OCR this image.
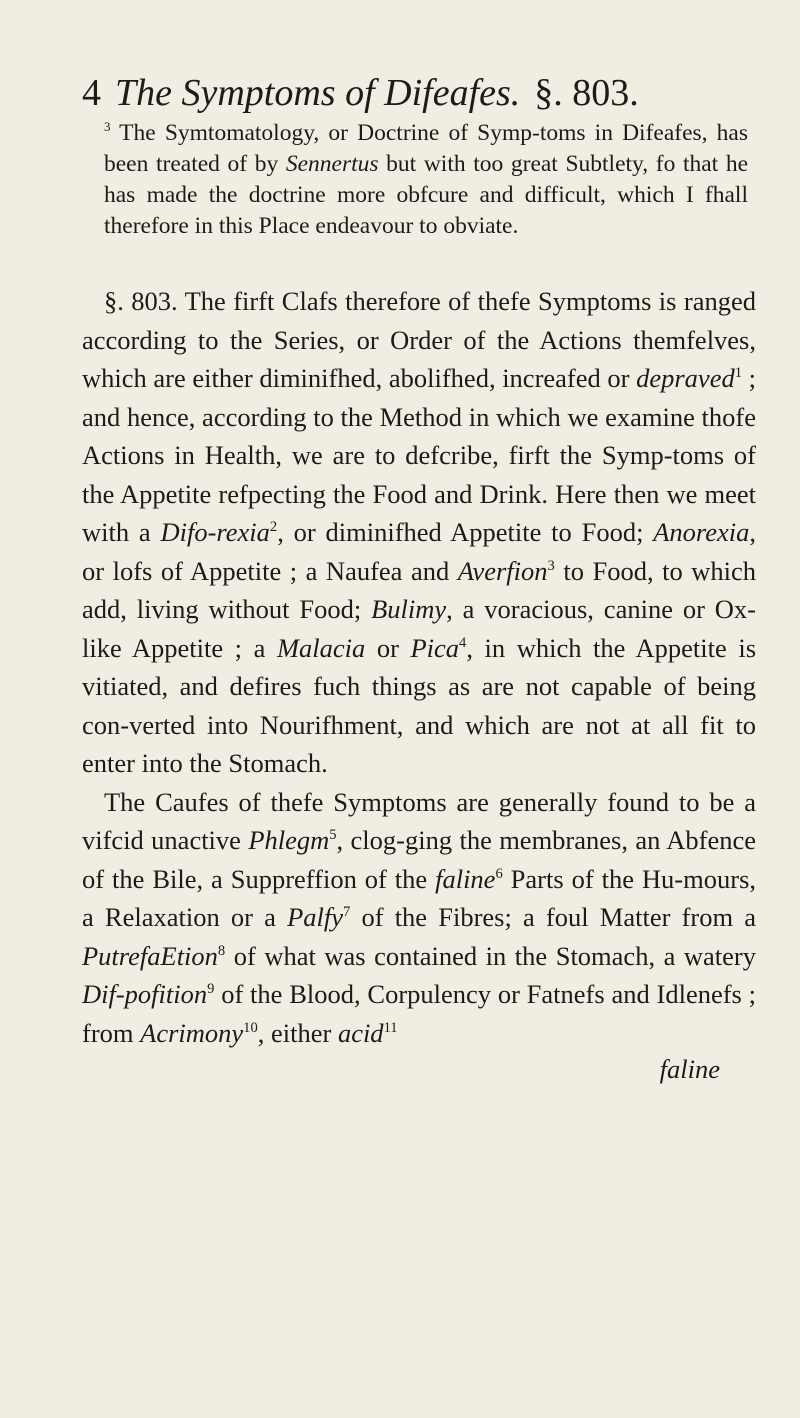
4 The Symptoms of Difeafes. §. 803.
$^3$ The Symtomatology, or Doctrine of Symp-toms in Difeafes, has been treated of by Sennertus but with too great Subtlety, fo that he has made the doctrine more obfcure and difficult, which I fhall therefore in this Place endeavour to obviate.

§. 803. The firft Clafs therefore of thefe Symptoms is ranged according to the Series, or Order of the Actions themfelves, which are either diminifhed, abolifhed, increafed or depraved$^1$ ; and hence, according to the Method in which we examine thofe Actions in Health, we are to defcribe, firft the Symp-toms of the Appetite refpecting the Food and Drink. Here then we meet with a Difo-rexia$^2$, or diminifhed Appetite to Food; Anorexia, or lofs of Appetite ; a Naufea and Averfion$^3$ to Food, to which add, living without Food; Bulimy, a voracious, canine or Ox-like Appetite ; a Malacia or Pica$^4$, in which the Appetite is vitiated, and defires fuch things as are not capable of being con-verted into Nourifhment, and which are not at all fit to enter into the Stomach.

The Caufes of thefe Symptoms are generally found to be a vifcid unactive Phlegm$^5$, clog-ging the membranes, an Abfence of the Bile, a Suppreffion of the faline$^6$ Parts of the Hu-mours, a Relaxation or a Palfy$^7$ of the Fibres; a foul Matter from a PutrefaEtion$^8$ of what was contained in the Stomach, a watery Dif-pofition$^9$ of the Blood, Corpulency or Fatnefs and Idlenefs ; from Acrimony$^{10}$, either acid$^{11}$

faline
